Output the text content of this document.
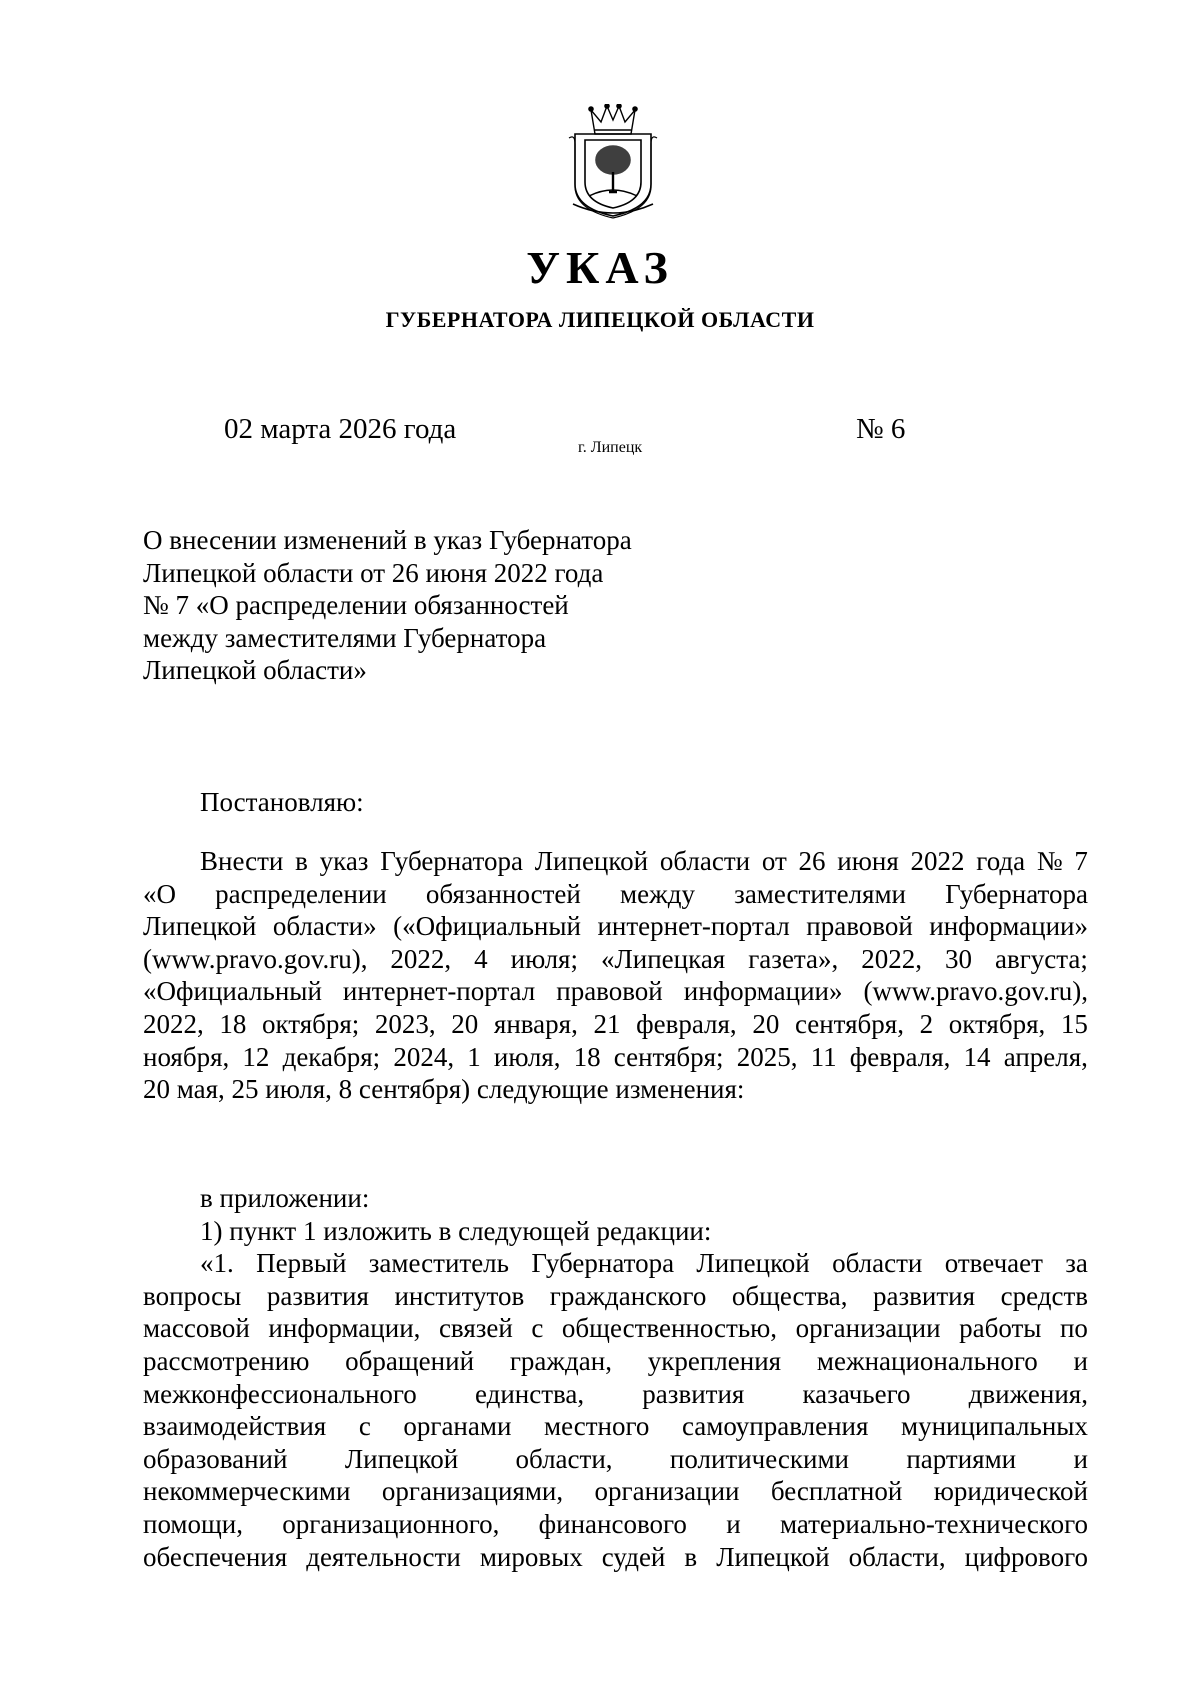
УКАЗ
ГУБЕРНАТОРА ЛИПЕЦКОЙ ОБЛАСТИ
02 марта 2026 года
г. Липецк
№ 6
О внесении изменений в указ Губернатора
Липецкой области от 26 июня 2022 года
№ 7 «О распределении обязанностей
между заместителями Губернатора
Липецкой области»
Постановляю:
Внести в указ Губернатора Липецкой области от 26 июня 2022 года № 7
«О распределении обязанностей между заместителями Губернатора
Липецкой области» («Официальный интернет-портал правовой информации»
(www.pravo.gov.ru), 2022, 4 июля; «Липецкая газета», 2022, 30 августа;
«Официальный интернет-портал правовой информации» (www.pravo.gov.ru),
2022, 18 октября; 2023, 20 января, 21 февраля, 20 сентября, 2 октября, 15
ноября, 12 декабря; 2024, 1 июля, 18 сентября; 2025, 11 февраля, 14 апреля,
20 мая, 25 июля, 8 сентября) следующие изменения:
в приложении:
1) пункт 1 изложить в следующей редакции:
«1. Первый заместитель Губернатора Липецкой области отвечает за
вопросы развития институтов гражданского общества, развития средств
массовой информации, связей с общественностью, организации работы по
рассмотрению обращений граждан, укрепления межнационального и
межконфессионального единства, развития казачьего движения,
взаимодействия с органами местного самоуправления муниципальных
образований Липецкой области, политическими партиями и
некоммерческими организациями, организации бесплатной юридической
помощи, организационного, финансового и материально-технического
обеспечения деятельности мировых судей в Липецкой области, цифрового
